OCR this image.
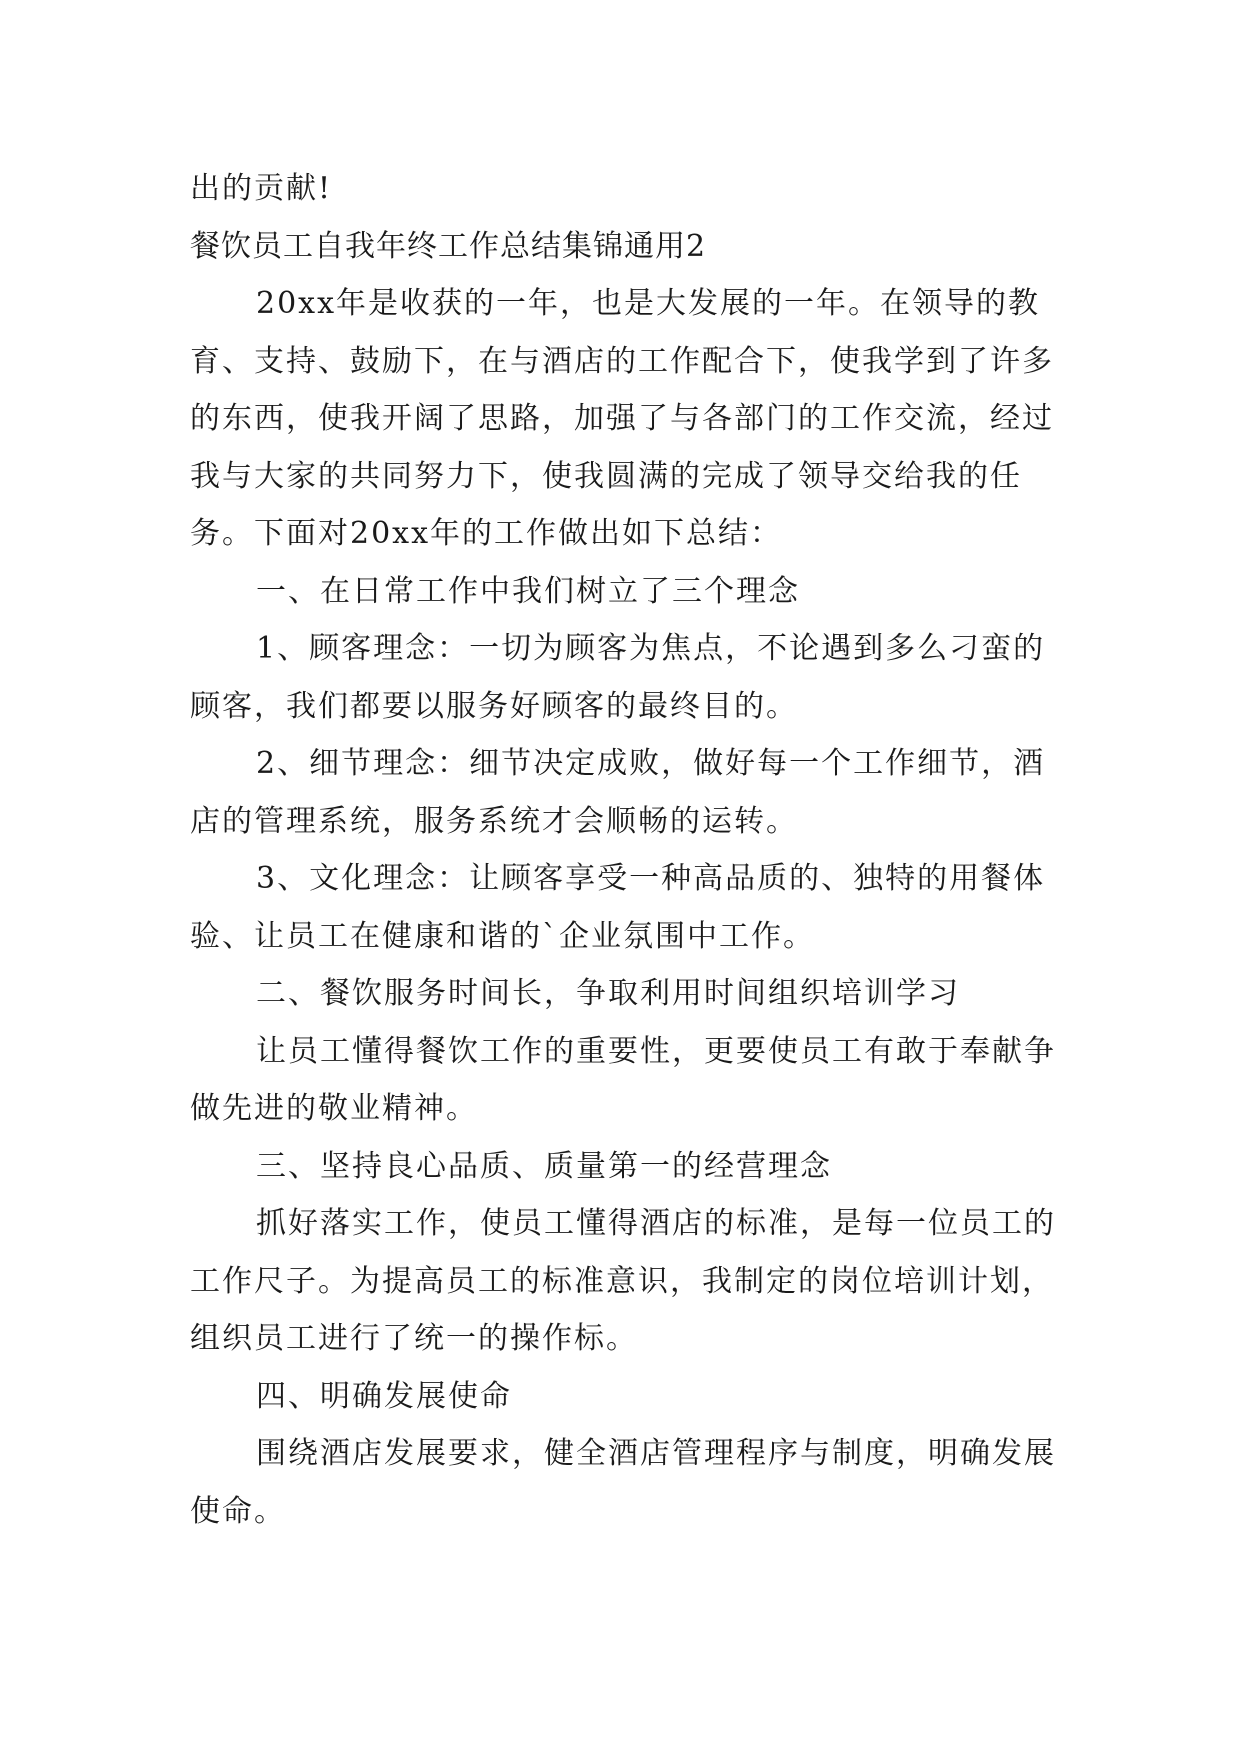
出的贡献!

餐饮员工自我年终工作总结集锦通用2

20xx年是收获的一年，也是大发展的一年。在领导的教育、支持、鼓励下，在与酒店的工作配合下，使我学到了许多的东西，使我开阔了思路，加强了与各部门的工作交流，经过我与大家的共同努力下，使我圆满的完成了领导交给我的任务。下面对20xx年的工作做出如下总结：

一、在日常工作中我们树立了三个理念

1、顾客理念：一切为顾客为焦点，不论遇到多么刁蛮的顾客，我们都要以服务好顾客的最终目的。

2、细节理念：细节决定成败，做好每一个工作细节，酒店的管理系统，服务系统才会顺畅的运转。

3、文化理念：让顾客享受一种高品质的、独特的用餐体验、让员工在健康和谐的`企业氛围中工作。

二、餐饮服务时间长，争取利用时间组织培训学习

让员工懂得餐饮工作的重要性，更要使员工有敢于奉献争做先进的敬业精神。

三、坚持良心品质、质量第一的经营理念

抓好落实工作，使员工懂得酒店的标准，是每一位员工的工作尺子。为提高员工的标准意识，我制定的岗位培训计划，组织员工进行了统一的操作标。

四、明确发展使命

围绕酒店发展要求，健全酒店管理程序与制度，明确发展使命。
